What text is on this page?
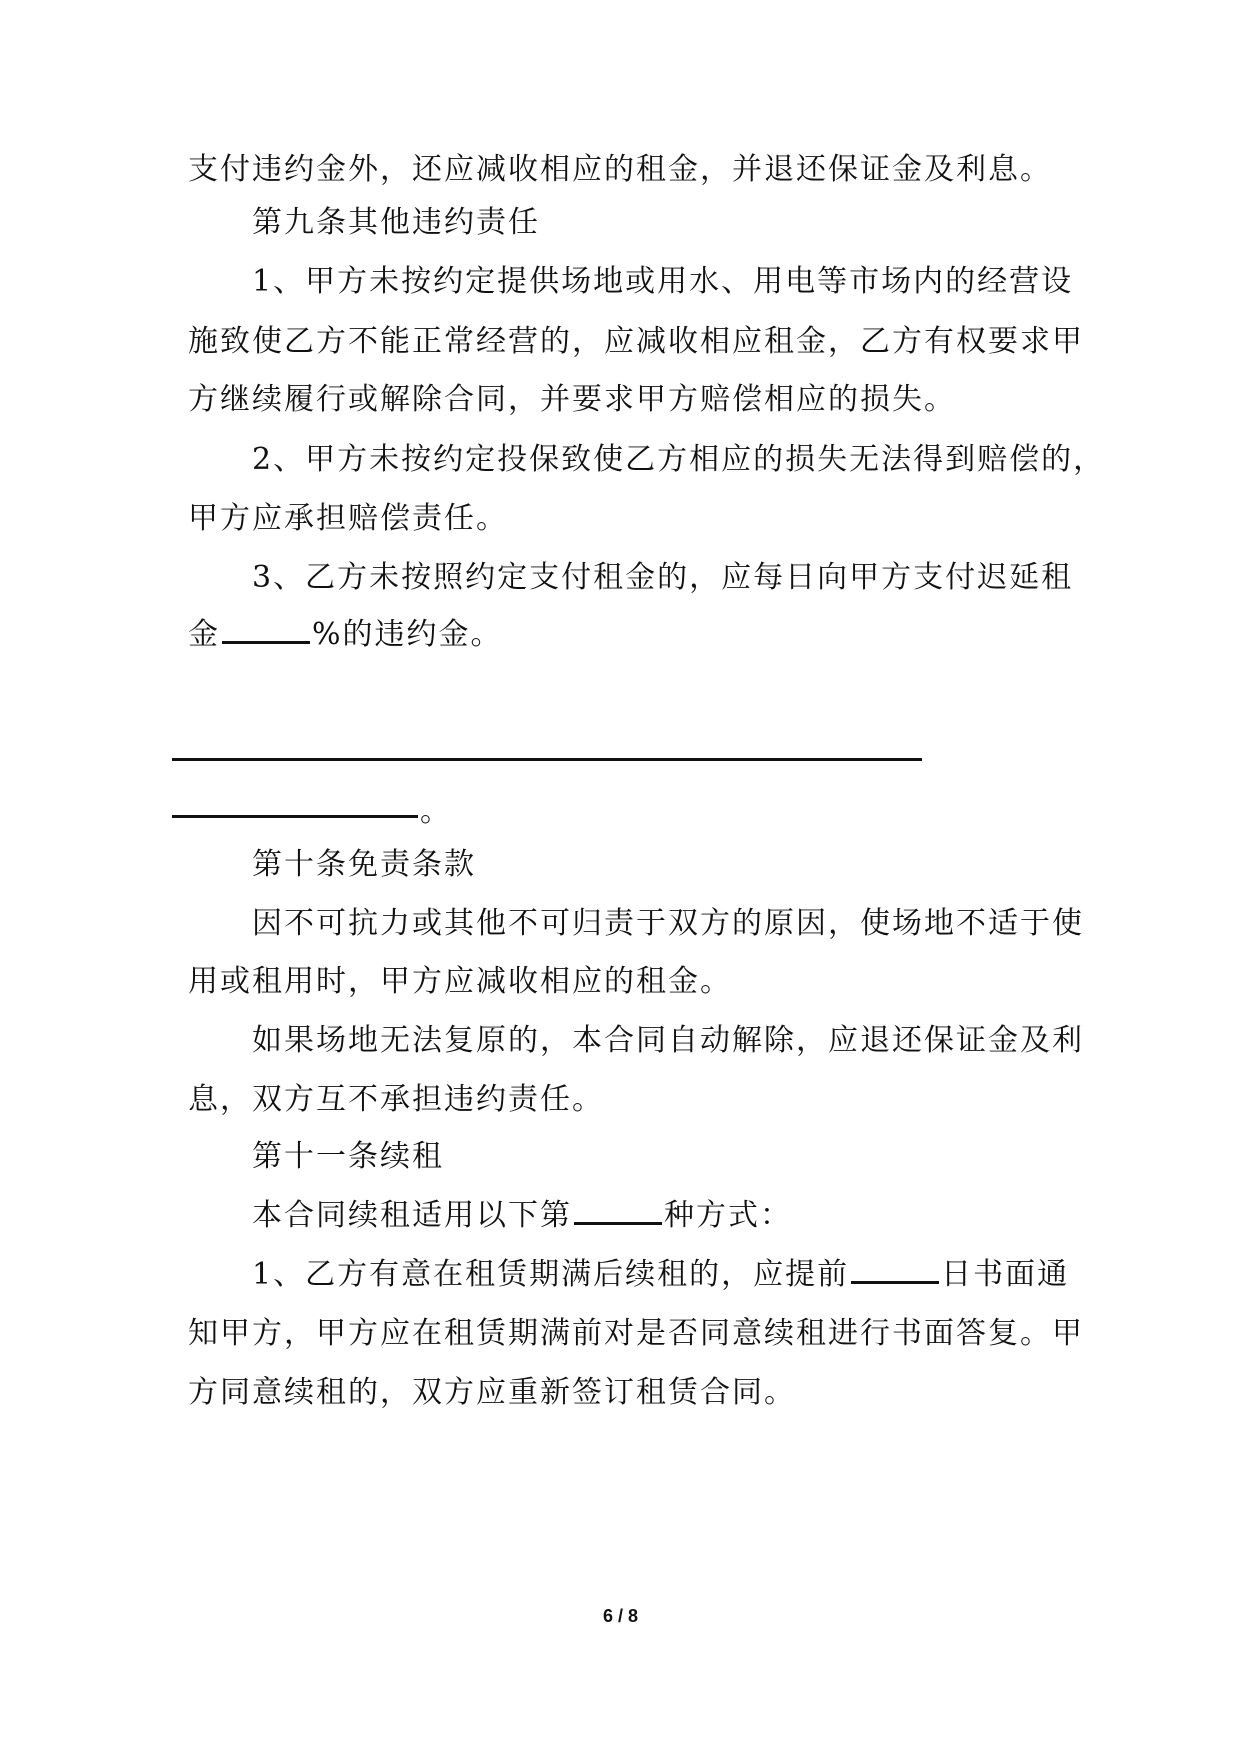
支付违约金外，还应减收相应的租金，并退还保证金及利息。
第九条其他违约责任
1、甲方未按约定提供场地或用水、用电等市场内的经营设
施致使乙方不能正常经营的，应减收相应租金，乙方有权要求甲
方继续履行或解除合同，并要求甲方赔偿相应的损失。
2、甲方未按约定投保致使乙方相应的损失无法得到赔偿的，
甲方应承担赔偿责任。
3、乙方未按照约定支付租金的，应每日向甲方支付迟延租
金	%的违约金。
。
第十条免责条款
因不可抗力或其他不可归责于双方的原因，使场地不适于使
用或租用时，甲方应减收相应的租金。
如果场地无法复原的，本合同自动解除，应退还保证金及利
息，双方互不承担违约责任。
第十一条续租
本合同续租适用以下第	种方式：
1、乙方有意在租赁期满后续租的，应提前	日书面通
知甲方，甲方应在租赁期满前对是否同意续租进行书面答复。甲
方同意续租的，双方应重新签订租赁合同。
6 / 8
